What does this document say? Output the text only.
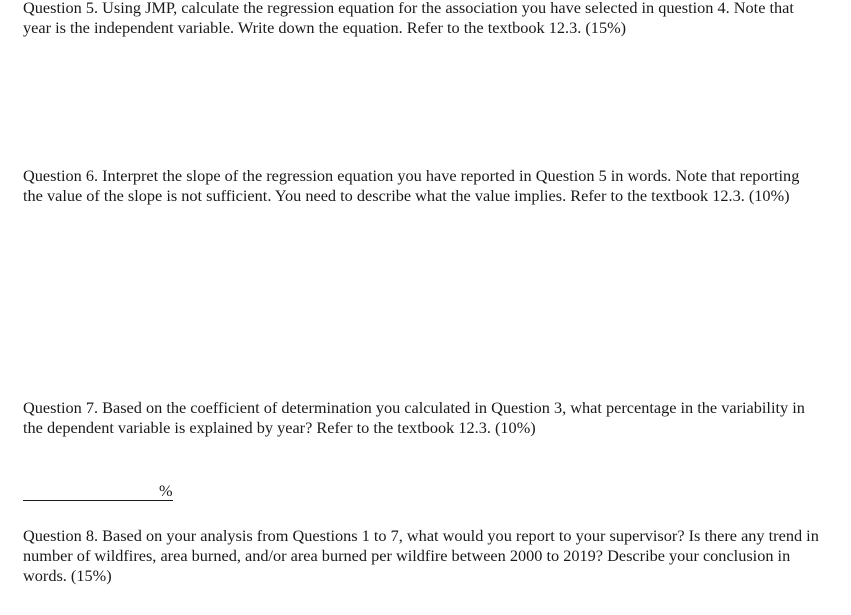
Question 5. Using JMP, calculate the regression equation for the association you have selected in question 4. Note that year is the independent variable. Write down the equation. Refer to the textbook 12.3. (15%)

Question 6. Interpret the slope of the regression equation you have reported in Question 5 in words. Note that reporting the value of the slope is not sufficient. You need to describe what the value implies. Refer to the textbook 12.3. (10%)

Question 7. Based on the coefficient of determination you calculated in Question 3, what percentage in the variability in the dependent variable is explained by year? Refer to the textbook 12.3. (10%)

%

Question 8. Based on your analysis from Questions 1 to 7, what would you report to your supervisor? Is there any trend in number of wildfires, area burned, and/or area burned per wildfire between 2000 to 2019? Describe your conclusion in words. (15%)
